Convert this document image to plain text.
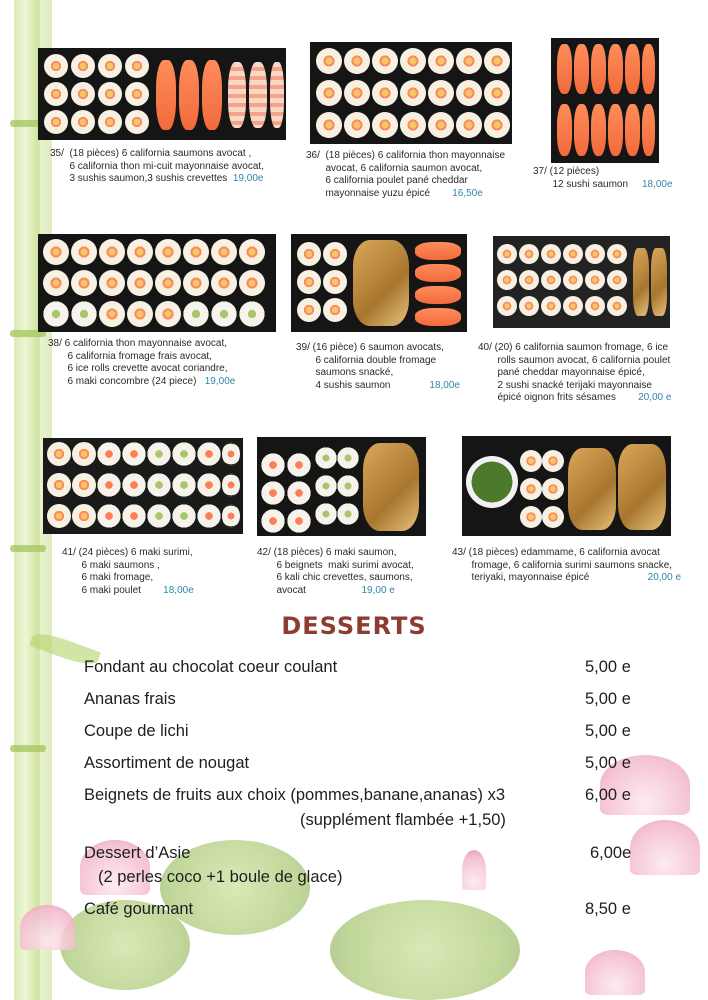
35/  (18 pièces) 6 california saumons avocat ,
6 california thon mi-cuit mayonnaise avocat,
3 sushis saumon,3 sushis crevettes 19,00e
36/  (18 pièces) 6 california thon mayonnaise
avocat, 6 california saumon avocat,
6 california poulet pané cheddar
mayonnaise yuzu épicé 16,50e
37/ (12 pièces)
12 sushi saumon 18,00e
38/ 6 california thon mayonnaise avocat,
6 california fromage frais avocat,
6 ice rolls crevette avocat coriandre,
6 maki concombre (24 piece) 19,00e
39/ (16 pièce) 6 saumon avocats,
6 california double fromage
saumons snacké,
4 sushis saumon	18,00e
40/ (20) 6 california saumon fromage, 6 ice
rolls saumon avocat, 6 california poulet
pané cheddar mayonnaise épicé,
2 sushi snacké terijaki mayonnaise
épicé oignon frits sésames 20,00 e
41/ (24 pièces) 6 maki surimi,
6 maki saumons ,
6 maki fromage,
6 maki poulet 18,00e
42/ (18 pièces) 6 maki saumon,
6 beignets  maki surimi avocat,
6 kali chic crevettes, saumons,
avocat	19,00 e
43/ (18 pièces) edammame, 6 california avocat
fromage, 6 california surimi saumons snacke,
teriyaki, mayonnaise épicé	20,00 e
DESSERTS
Fondant au chocolat coeur coulant	5,00 e
Ananas frais	5,00 e
Coupe de lichi	5,00 e
Assortiment de nougat	5,00 e
Beignets de fruits aux choix (pommes,banane,ananas) x3	6,00 e
(supplément flambée +1,50)
Dessert d’Asie	6,00e
(2 perles coco +1 boule de glace)
Café gourmant	8,50 e
